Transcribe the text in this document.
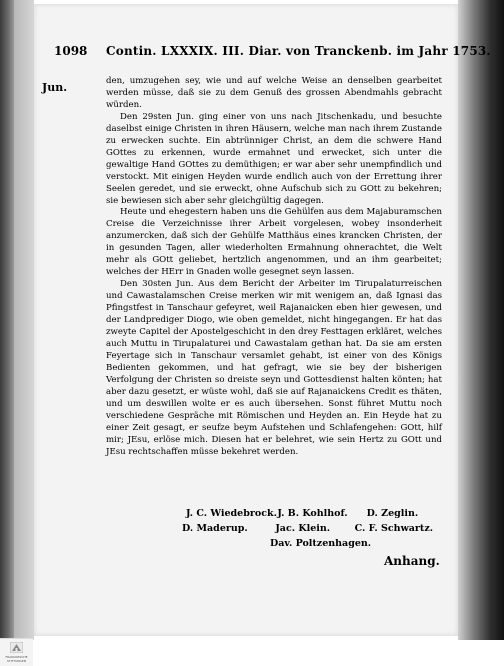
1098 Contin. LXXXIX. III. Diar. von Tranckenb. im Jahr 1753.
Jun.	den, umzugehen sey, wie und auf welche Weise an denselben gearbeitet werden müsse, daß sie zu dem Genuß des grossen Abendmahls gebracht würden.

Den 29sten Jun. ging einer von uns nach Jitschenkadu, und besuchte daselbst einige Christen in ihren Häusern, welche man nach ihrem Zustande zu erwecken suchte. Ein abtrünniger Christ, an dem die schwere Hand GOttes zu erkennen, wurde ermahnet und erwecket, sich unter die gewaltige Hand GOttes zu demüthigen; er war aber sehr unempfindlich und verstockt. Mit einigen Heyden wurde endlich auch von der Errettung ihrer Seelen geredet, und sie erweckt, ohne Aufschub sich zu GOtt zu bekehren; sie bewiesen sich aber sehr gleichgültig dagegen.

Heute und ehegestern haben uns die Gehülfen aus dem Majaburamschen Creise die Verzeichnisse ihrer Arbeit vorgelesen, wobey insonderheit anzumercken, daß sich der Gehülfe Matthäus eines krancken Christen, der in gesunden Tagen, aller wiederholten Ermahnung ohnerachtet, die Welt mehr als GOtt geliebet, hertzlich angenommen, und an ihm gearbeitet; welches der HErr in Gnaden wolle gesegnet seyn lassen.

Den 30sten Jun. Aus dem Bericht der Arbeiter im Tirupalaturreischen und Cawastalamschen Creise merken wir mit wenigem an, daß Ignasi das Pfingstfest in Tanschaur gefeyret, weil Rajanaicken eben hier gewesen, und der Landprediger Diogo, wie oben gemeldet, nicht hingegangen. Er hat das zweyte Capitel der Apostelgeschicht in den drey Festtagen erkläret, welches auch Muttu in Tirupalaturei und Cawastalam gethan hat. Da sie am ersten Feyertage sich in Tanschaur versamlet gehabt, ist einer von des Königs Bedienten gekommen, und hat gefragt, wie sie bey der bisherigen Verfolgung der Christen so dreiste seyn und Gottesdienst halten könten; hat aber dazu gesetzt, er wüste wohl, daß sie auf Rajanaickens Credit es thäten, und um deswillen wolte er es auch übersehen. Sonst führet Muttu noch verschiedene Gespräche mit Römischen und Heyden an. Ein Heyde hat zu einer Zeit gesagt, er seufze beym Aufstehen und Schlafengehen: GOtt, hilf mir; JEsu, erlöse mich. Diesen hat er belehret, wie sein Hertz zu GOtt und JEsu rechtschaffen müsse bekehret werden.

J. C. Wiedebrock. J. B. Kohlhof. D. Zeglin.
D. Maderup.	Jac. Klein.	C. F. Schwartz.
Dav. Poltzenhagen.
Anhang.
FRANCKESCHE
STIFTUNGEN
